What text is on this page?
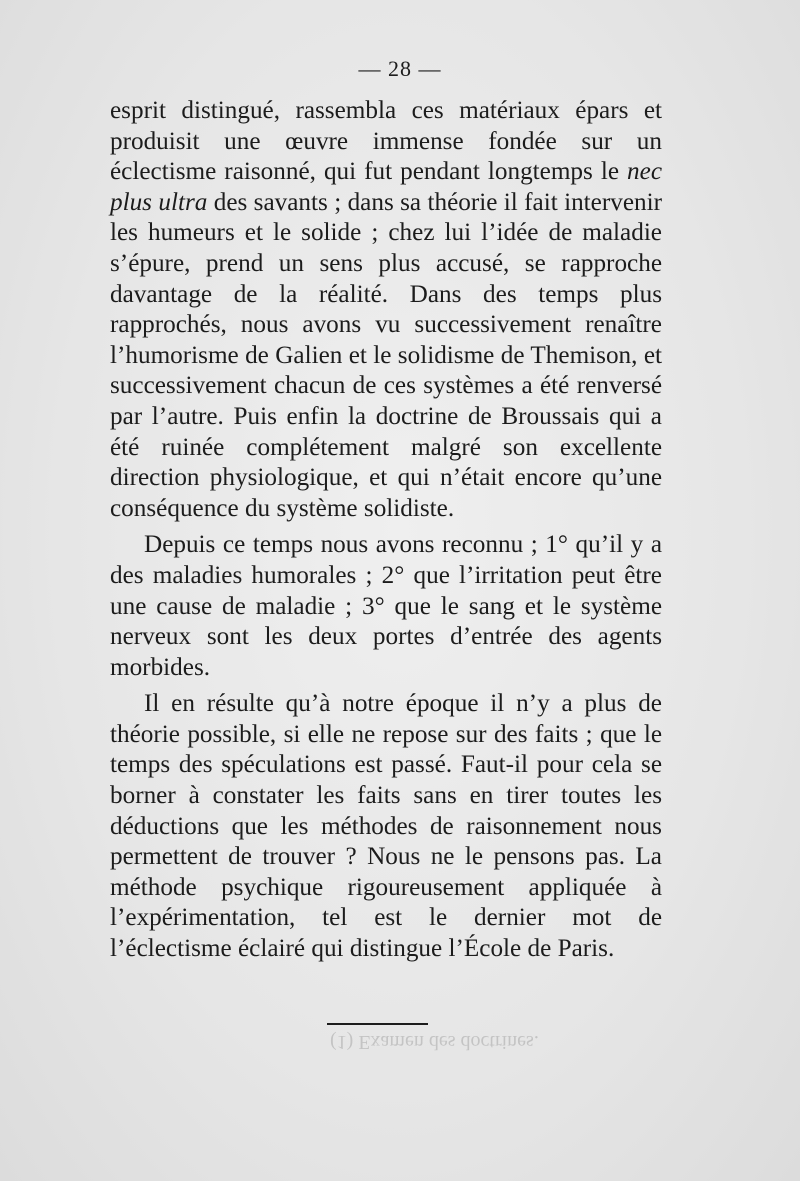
(1) Examen des doctrines.
— 28 —

esprit distingué, rassembla ces matériaux épars et produisit une œuvre immense fondée sur un éclectisme raisonné, qui fut pendant longtemps le nec plus ultra des savants ; dans sa théorie il fait intervenir les humeurs et le solide ; chez lui l’idée de maladie s’épure, prend un sens plus accusé, se rapproche davantage de la réalité. Dans des temps plus rapprochés, nous avons vu successivement renaître l’humorisme de Galien et le solidisme de Themison, et successivement chacun de ces systèmes a été renversé par l’autre. Puis enfin la doctrine de Broussais qui a été ruinée complétement malgré son excellente direction physiologique, et qui n’était encore qu’une conséquence du système solidiste.

Depuis ce temps nous avons reconnu ; 1° qu’il y a des maladies humorales ; 2° que l’irritation peut être une cause de maladie ; 3° que le sang et le système nerveux sont les deux portes d’entrée des agents morbides.

Il en résulte qu’à notre époque il n’y a plus de théorie possible, si elle ne repose sur des faits ; que le temps des spéculations est passé. Faut-il pour cela se borner à constater les faits sans en tirer toutes les déductions que les méthodes de raisonnement nous permettent de trouver ? Nous ne le pensons pas. La méthode psychique rigoureusement appliquée à l’expérimentation, tel est le dernier mot de l’éclectisme éclairé qui distingue l’École de Paris.
